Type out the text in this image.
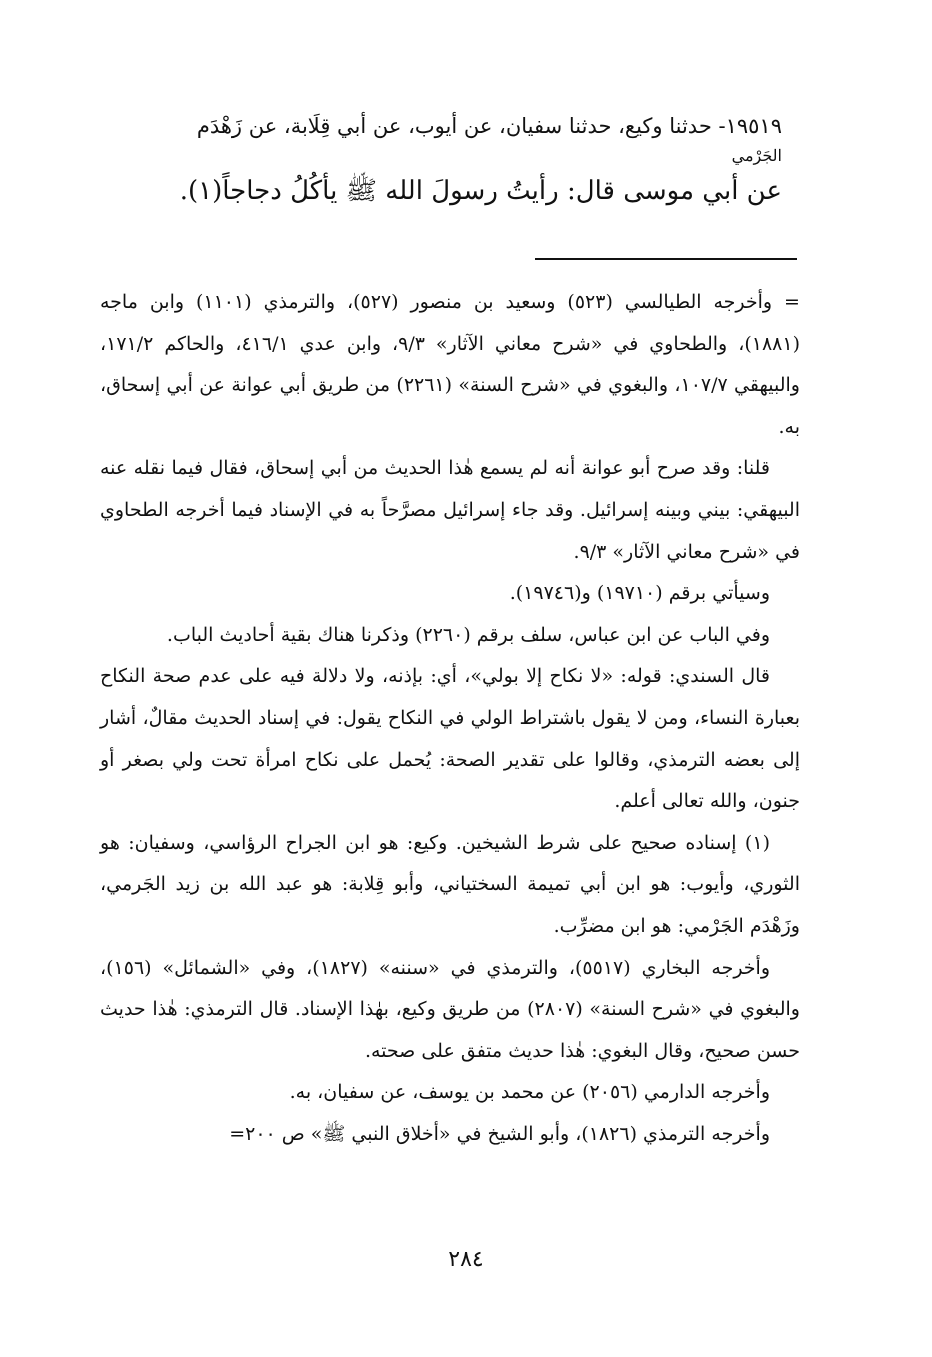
١٩٥١٩- حدثنا وكيع، حدثنا سفيان، عن أيوب، عن أبي قِلَابة، عن زَهْدَم

الجَرْمي

عن أبي موسى قال: رأيتُ رسولَ الله ﷺ يأكُلُ دجاجاً(١).

= وأخرجه الطيالسي (٥٢٣) وسعيد بن منصور (٥٢٧)، والترمذي (١١٠١) وابن ماجه (١٨٨١)، والطحاوي في «شرح معاني الآثار» ٩/٣، وابن عدي ٤١٦/١، والحاكم ١٧١/٢، والبيهقي ١٠٧/٧، والبغوي في «شرح السنة» (٢٢٦١) من طريق أبي عوانة عن أبي إسحاق، به.

قلنا: وقد صرح أبو عوانة أنه لم يسمع هٰذا الحديث من أبي إسحاق، فقال فيما نقله عنه البيهقي: بيني وبينه إسرائيل. وقد جاء إسرائيل مصرَّحاً به في الإسناد فيما أخرجه الطحاوي في «شرح معاني الآثار» ٩/٣.

وسيأتي برقم (١٩٧١٠) و(١٩٧٤٦).

وفي الباب عن ابن عباس، سلف برقم (٢٢٦٠) وذكرنا هناك بقية أحاديث الباب.

قال السندي: قوله: «لا نكاح إلا بولي»، أي: بإذنه، ولا دلالة فيه على عدم صحة النكاح بعبارة النساء، ومن لا يقول باشتراط الولي في النكاح يقول: في إسناد الحديث مقالٌ، أشار إلى بعضه الترمذي، وقالوا على تقدير الصحة: يُحمل على نكاح امرأة تحت ولي بصغر أو جنون، والله تعالى أعلم.

(١) إسناده صحيح على شرط الشيخين. وكيع: هو ابن الجراح الرؤاسي، وسفيان: هو الثوري، وأيوب: هو ابن أبي تميمة السختياني، وأبو قِلابة: هو عبد الله بن زيد الجَرمي، وزَهْدَم الجَرْمي: هو ابن مضرِّب.

وأخرجه البخاري (٥٥١٧)، والترمذي في «سننه» (١٨٢٧)، وفي «الشمائل» (١٥٦)، والبغوي في «شرح السنة» (٢٨٠٧) من طريق وكيع، بهٰذا الإسناد. قال الترمذي: هٰذا حديث حسن صحيح، وقال البغوي: هٰذا حديث متفق على صحته.

وأخرجه الدارمي (٢٠٥٦) عن محمد بن يوسف، عن سفيان، به.

وأخرجه الترمذي (١٨٢٦)، وأبو الشيخ في «أخلاق النبي ﷺ» ص ٢٠٠=

٢٨٤
